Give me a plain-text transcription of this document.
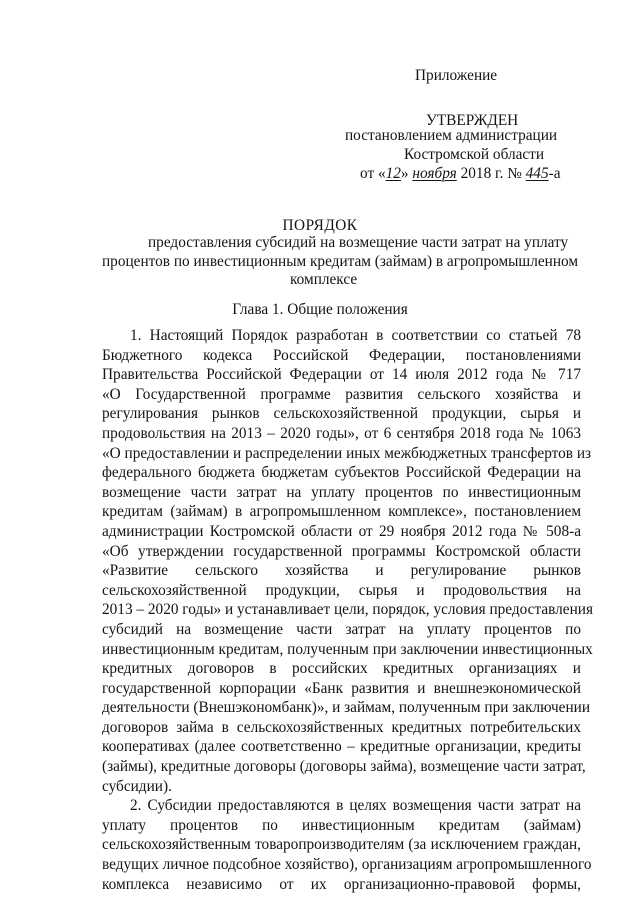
Приложение
УТВЕРЖДЕН
постановлением администрации
Костромской области
от «12» ноября 2018 г. № 445-а
ПОРЯДОК
предоставления субсидий на возмещение части затрат на уплату
процентов по инвестиционным кредитам (займам) в агропромышленном
комплексе
Глава 1. Общие положения
1. Настоящий Порядок разработан в соответствии со статьей 78
Бюджетного кодекса Российской Федерации, постановлениями
Правительства Российской Федерации от 14 июля 2012 года № 717
«О Государственной программе развития сельского хозяйства и
регулирования рынков сельскохозяйственной продукции, сырья и
продовольствия на 2013 – 2020 годы», от 6 сентября 2018 года № 1063
«О предоставлении и распределении иных межбюджетных трансфертов из
федерального бюджета бюджетам субъектов Российской Федерации на
возмещение части затрат на уплату процентов по инвестиционным
кредитам (займам) в агропромышленном комплексе», постановлением
администрации Костромской области от 29 ноября 2012 года № 508-а
«Об утверждении государственной программы Костромской области
«Развитие сельского хозяйства и регулирование рынков
сельскохозяйственной продукции, сырья и продовольствия на
2013 – 2020 годы» и устанавливает цели, порядок, условия предоставления
субсидий на возмещение части затрат на уплату процентов по
инвестиционным кредитам, полученным при заключении инвестиционных
кредитных договоров в российских кредитных организациях и
государственной корпорации «Банк развития и внешнеэкономической
деятельности (Внешэкономбанк)», и займам, полученным при заключении
договоров займа в сельскохозяйственных кредитных потребительских
кооперативах (далее соответственно – кредитные организации, кредиты
(займы), кредитные договоры (договоры займа), возмещение части затрат,
субсидии).
2. Субсидии предоставляются в целях возмещения части затрат на
уплату процентов по инвестиционным кредитам (займам)
сельскохозяйственным товаропроизводителям (за исключением граждан,
ведущих личное подсобное хозяйство), организациям агропромышленного
комплекса независимо от их организационно-правовой формы,
